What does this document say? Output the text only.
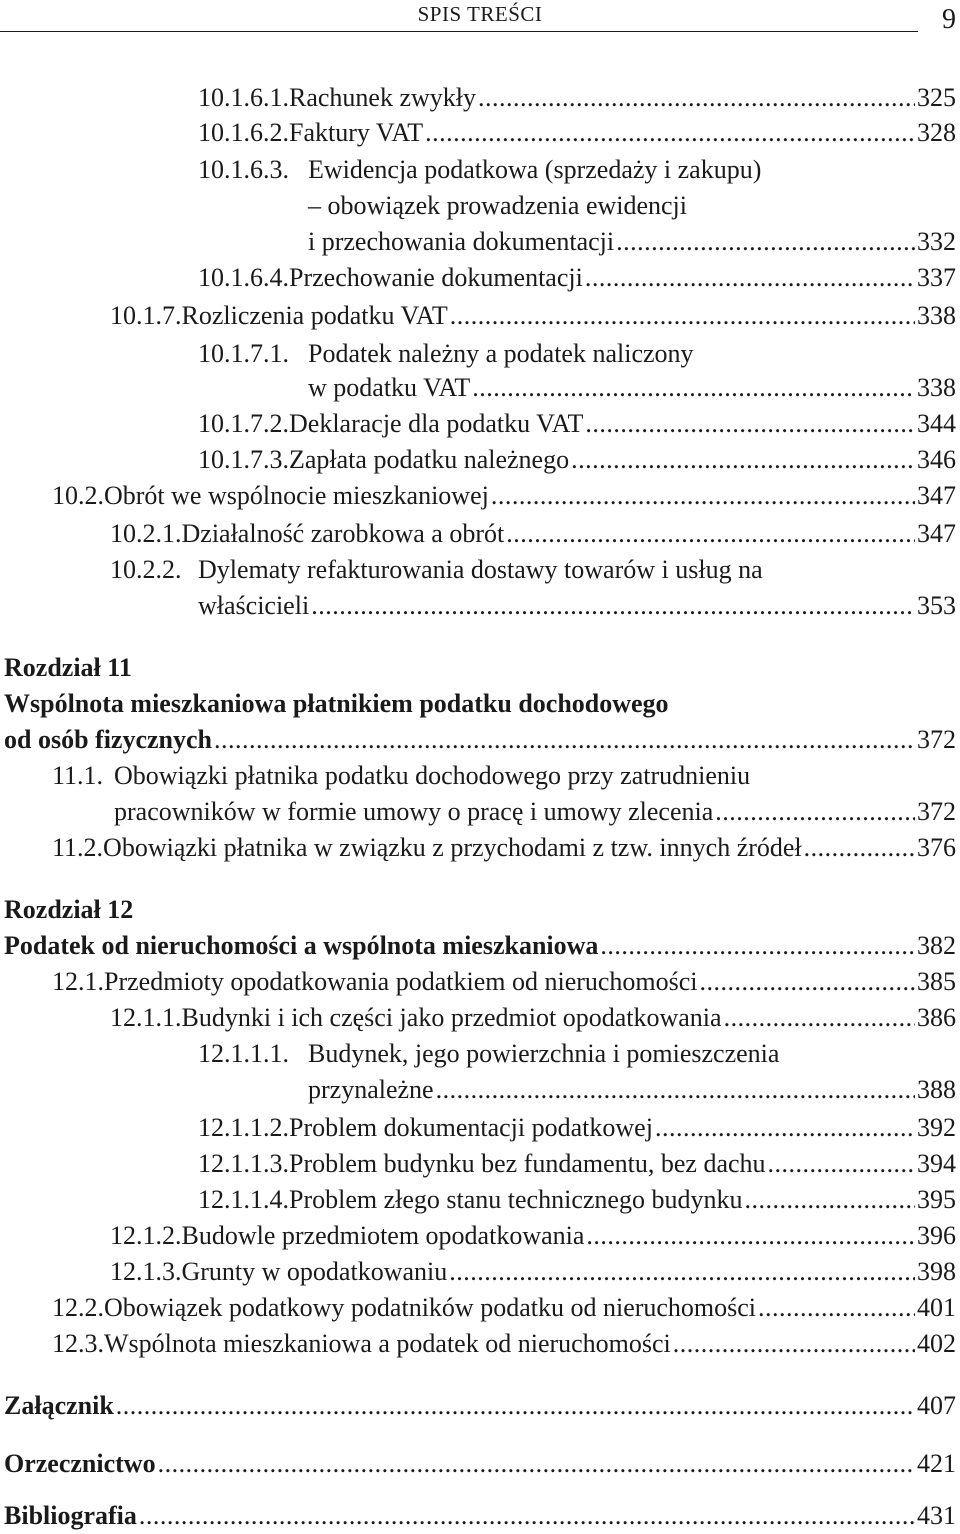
SPIS TREŚCI	9
10.1.6.1. Rachunek zwykły . . .	325
10.1.6.2. Faktury VAT . . .	328
10.1.6.3. Ewidencja podatkowa (sprzedaży i zakupu)
– obowiązek prowadzenia ewidencji
i przechowania dokumentacji . . .	332
10.1.6.4. Przechowanie dokumentacji . . .	337
10.1.7. Rozliczenia podatku VAT . . .	338
10.1.7.1. Podatek należny a podatek naliczony
w podatku VAT . . .	338
10.1.7.2. Deklaracje dla podatku VAT . . .	344
10.1.7.3. Zapłata podatku należnego . . .	346
10.2. Obrót we wspólnocie mieszkaniowej . . .	347
10.2.1. Działalność zarobkowa a obrót . . .	347
10.2.2. Dylematy refakturowania dostawy towarów i usług na
właścicieli . . .	353
Rozdział 11
Wspólnota mieszkaniowa płatnikiem podatku dochodowego
od osób fizycznych . . .	372
11.1. Obowiązki płatnika podatku dochodowego przy zatrudnieniu
pracowników w formie umowy o pracę i umowy zlecenia . . .	372
11.2. Obowiązki płatnika w związku z przychodami z tzw. innych źródeł . . .	376
Rozdział 12
Podatek od nieruchomości a wspólnota mieszkaniowa . . .	382
12.1. Przedmioty opodatkowania podatkiem od nieruchomości . . .	385
12.1.1. Budynki i ich części jako przedmiot opodatkowania . . .	386
12.1.1.1. Budynek, jego powierzchnia i pomieszczenia
przynależne . . .	388
12.1.1.2. Problem dokumentacji podatkowej . . .	392
12.1.1.3. Problem budynku bez fundamentu, bez dachu . . .	394
12.1.1.4. Problem złego stanu technicznego budynku . . .	395
12.1.2. Budowle przedmiotem opodatkowania . . .	396
12.1.3. Grunty w opodatkowaniu . . .	398
12.2. Obowiązek podatkowy podatników podatku od nieruchomości . . .	401
12.3. Wspólnota mieszkaniowa a podatek od nieruchomości . . .	402
Załącznik . . .	407
Orzecznictwo . . .	421
Bibliografia . . .	431
